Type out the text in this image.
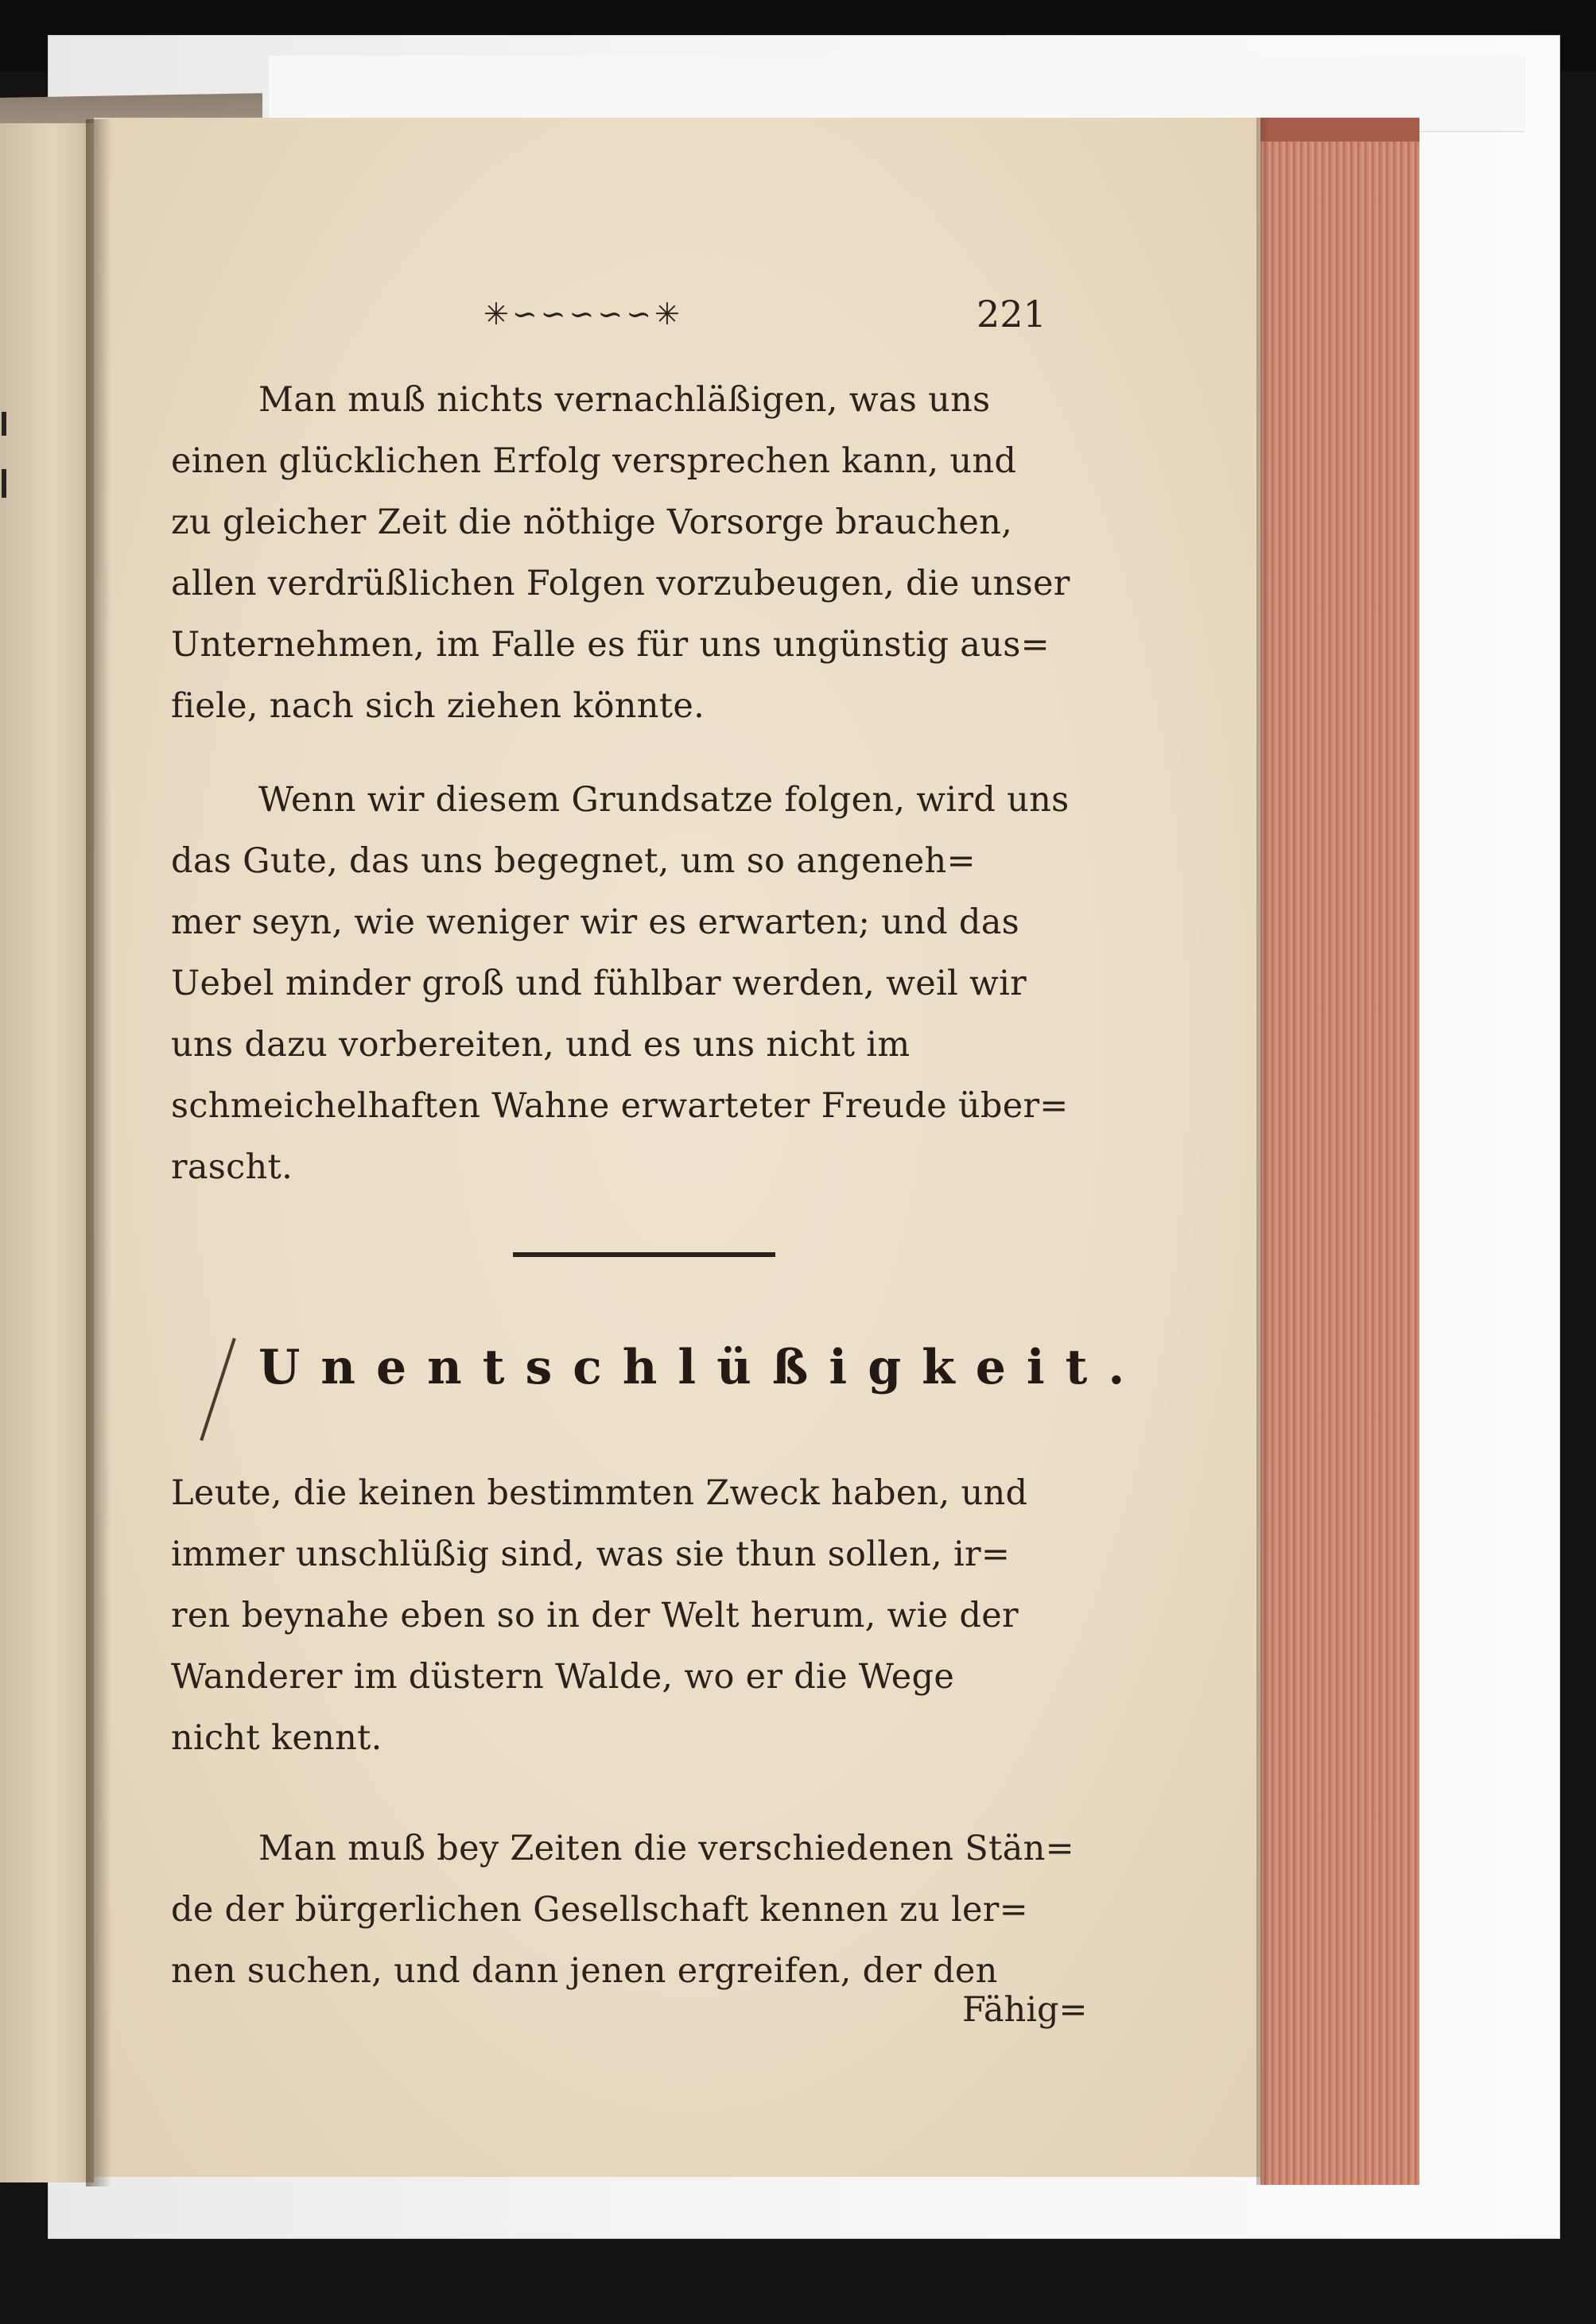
✳∽∽∽∽∽✳	221
Man muß nichts vernachläßigen, was uns
einen glücklichen Erfolg versprechen kann, und
zu gleicher Zeit die nöthige Vorsorge brauchen,
allen verdrüßlichen Folgen vorzubeugen, die unser
Unternehmen, im Falle es für uns ungünstig aus=
fiele, nach sich ziehen könnte.
Wenn wir diesem Grundsatze folgen, wird uns
das Gute, das uns begegnet, um so angeneh=
mer seyn, wie weniger wir es erwarten; und das
Uebel minder groß und fühlbar werden, weil wir
uns dazu vorbereiten, und es uns nicht im
schmeichelhaften Wahne erwarteter Freude über=
rascht.
Unentschlüßigkeit.
Leute, die keinen bestimmten Zweck haben, und
immer unschlüßig sind, was sie thun sollen, ir=
ren beynahe eben so in der Welt herum, wie der
Wanderer im düstern Walde, wo er die Wege
nicht kennt.
Man muß bey Zeiten die verschiedenen Stän=
de der bürgerlichen Gesellschaft kennen zu ler=
nen suchen, und dann jenen ergreifen, der den
Fähig=
